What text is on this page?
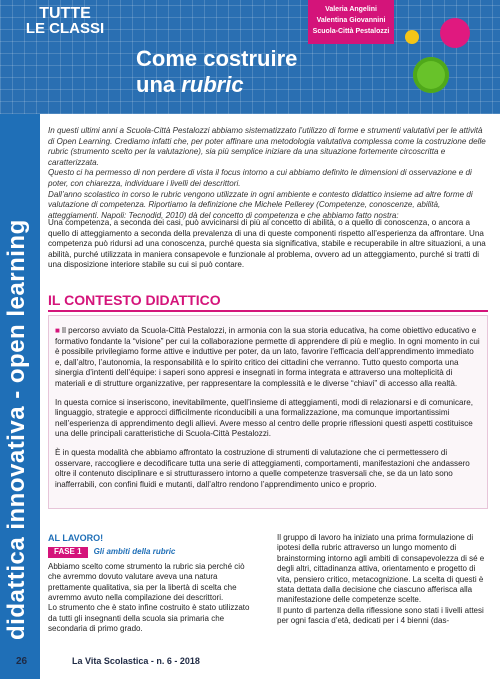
didattica innovativa - open learning
TUTTE
LE CLASSI
Valeria Angelini
Valentina Giovannini
Scuola-Città Pestalozzi
Come costruire
una rubric

In questi ultimi anni a Scuola-Città Pestalozzi abbiamo sistematizzato l’utilizzo di forme e strumenti valutativi per le attività di Open Learning. Crediamo infatti che, per poter affinare una metodologia valutativa complessa come la costruzione delle rubric (strumento scelto per la valutazione), sia più semplice iniziare da una situazione fortemente circoscritta e caratterizzata.

Questo ci ha permesso di non perdere di vista il focus intorno a cui abbiamo definito le dimensioni di osservazione e di poter, con chiarezza, individuare i livelli dei descrittori.

Dall’anno scolastico in corso le rubric vengono utilizzate in ogni ambiente e contesto didattico insieme ad altre forme di valutazione di competenza. Riportiamo la definizione che Michele Pellerey (Competenze, conoscenze, abilità, atteggiamenti. Napoli: Tecnodid, 2010) dà del concetto di competenza e che abbiamo fatto nostra:

Una competenza, a seconda dei casi, può avvicinarsi di più al concetto di abilità, o a quello di conoscenza, o ancora a quello di atteggiamento a seconda della prevalenza di una di queste componenti rispetto all’esperienza da affrontare. Una competenza può ridursi ad una conoscenza, purché questa sia significativa, stabile e recuperabile in altre situazioni, a una abilità, purché utilizzata in maniera consapevole e funzionale al problema, ovvero ad un atteggiamento, purché si tratti di una disposizione interiore stabile su cui si può contare.
IL CONTESTO DIDATTICO

■ Il percorso avviato da Scuola-Città Pestalozzi, in armonia con la sua storia educativa, ha come obiettivo educativo e formativo fondante la “visione” per cui la collaborazione permette di apprendere di più e meglio. In ogni momento in cui è possibile privilegiamo forme attive e induttive per poter, da un lato, favorire l’efficacia dell’apprendimento immediato e, dall’altro, l’autonomia, la responsabilità e lo spirito critico dei cittadini che verranno. Tutto questo comporta una sinergia d’intenti dell’équipe: i saperi sono appresi e insegnati in forma integrata e attraverso una molteplicità di materiali e di strutture organizzative, per rappresentare la complessità e le diverse “chiavi” di accesso alla realtà.

In questa cornice si inseriscono, inevitabilmente, quell’insieme di atteggiamenti, modi di relazionarsi e di comunicare, linguaggio, strategie e approcci difficilmente riconducibili a una formalizzazione, ma comunque importantissimi nell’esperienza di apprendimento degli allievi. Avere messo al centro delle proprie riflessioni questi aspetti costituisce una delle principali caratteristiche di Scuola-Città Pestalozzi.

È in questa modalità che abbiamo affrontato la costruzione di strumenti di valutazione che ci permettessero di osservare, raccogliere e decodificare tutta una serie di atteggiamenti, comportamenti, manifestazioni che andassero oltre il contenuto disciplinare e si strutturassero intorno a quelle competenze trasversali che, se da un lato sono inafferrabili, con confini fluidi e mutanti, dall’altro rendono l’apprendimento unico e proprio.

AL LAVORO!
FASE 1	Gli ambiti della rubric
Abbiamo scelto come strumento la rubric sia perché ciò che avremmo dovuto valutare aveva una natura prettamente qualitativa, sia per la libertà di scelta che avremmo avuto nella compilazione dei descrittori.
Lo strumento che è stato infine costruito è stato utilizzato da tutti gli insegnanti della scuola sia primaria che secondaria di primo grado.
Il gruppo di lavoro ha iniziato una prima formulazione di ipotesi della rubric attraverso un lungo momento di brainstorming intorno agli ambiti di consapevolezza di sé e degli altri, cittadinanza attiva, orientamento e progetto di vita, pensiero critico, metacognizione. La scelta di questi è stata dettata dalla decisione che ciascuno afferisca alla manifestazione delle competenze scelte.
Il punto di partenza della riflessione sono stati i livelli attesi per ogni fascia d’età, dedicati per i 4 bienni (das-
26	La Vita Scolastica - n. 6 - 2018
